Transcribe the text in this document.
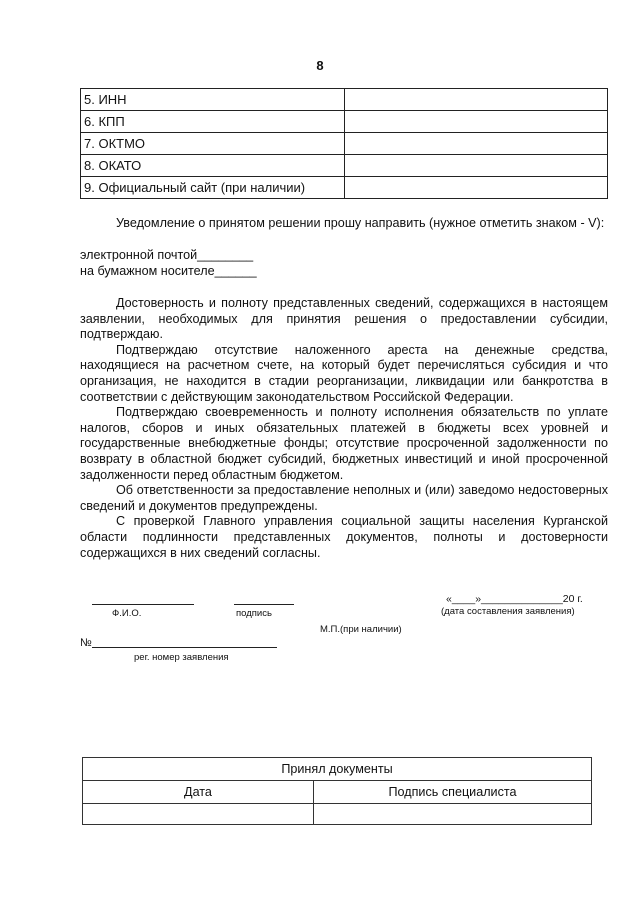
8
5. ИНН	
6. КПП	
7. ОКТМО	
8. ОКАТО	
9. Официальный сайт (при наличии)	

Уведомление о принятом решении прошу направить (нужное отметить знаком - V):

электронной почтой________
на бумажном носителе______

Достоверность и полноту представленных сведений, содержащихся в настоящем заявлении, необходимых для принятия решения о предоставлении субсидии, подтверждаю.

Подтверждаю отсутствие наложенного ареста на денежные средства, находящиеся на расчетном счете, на который будет перечисляться субсидия и что организация, не находится в стадии реорганизации, ликвидации или банкротства в соответствии с действующим законодательством Российской Федерации.

Подтверждаю своевременность и полноту исполнения обязательств по уплате налогов, сборов и иных обязательных платежей в бюджеты всех уровней и государственные внебюджетные фонды; отсутствие просроченной задолженности по возврату в областной бюджет субсидий, бюджетных инвестиций и иной просроченной задолженности перед областным бюджетом.

Об ответственности за предоставление неполных и (или) заведомо недостоверных сведений и документов предупреждены.

С проверкой Главного управления социальной защиты населения Курганской области подлинности представленных документов, полноты и достоверности содержащихся в них сведений согласны.

Ф.И.О.	подпись
«____»______________20 г.
(дата составления заявления)
М.П.(при наличии)
№
рег. номер заявления
Принял документы	
Дата	Подпись специалиста
